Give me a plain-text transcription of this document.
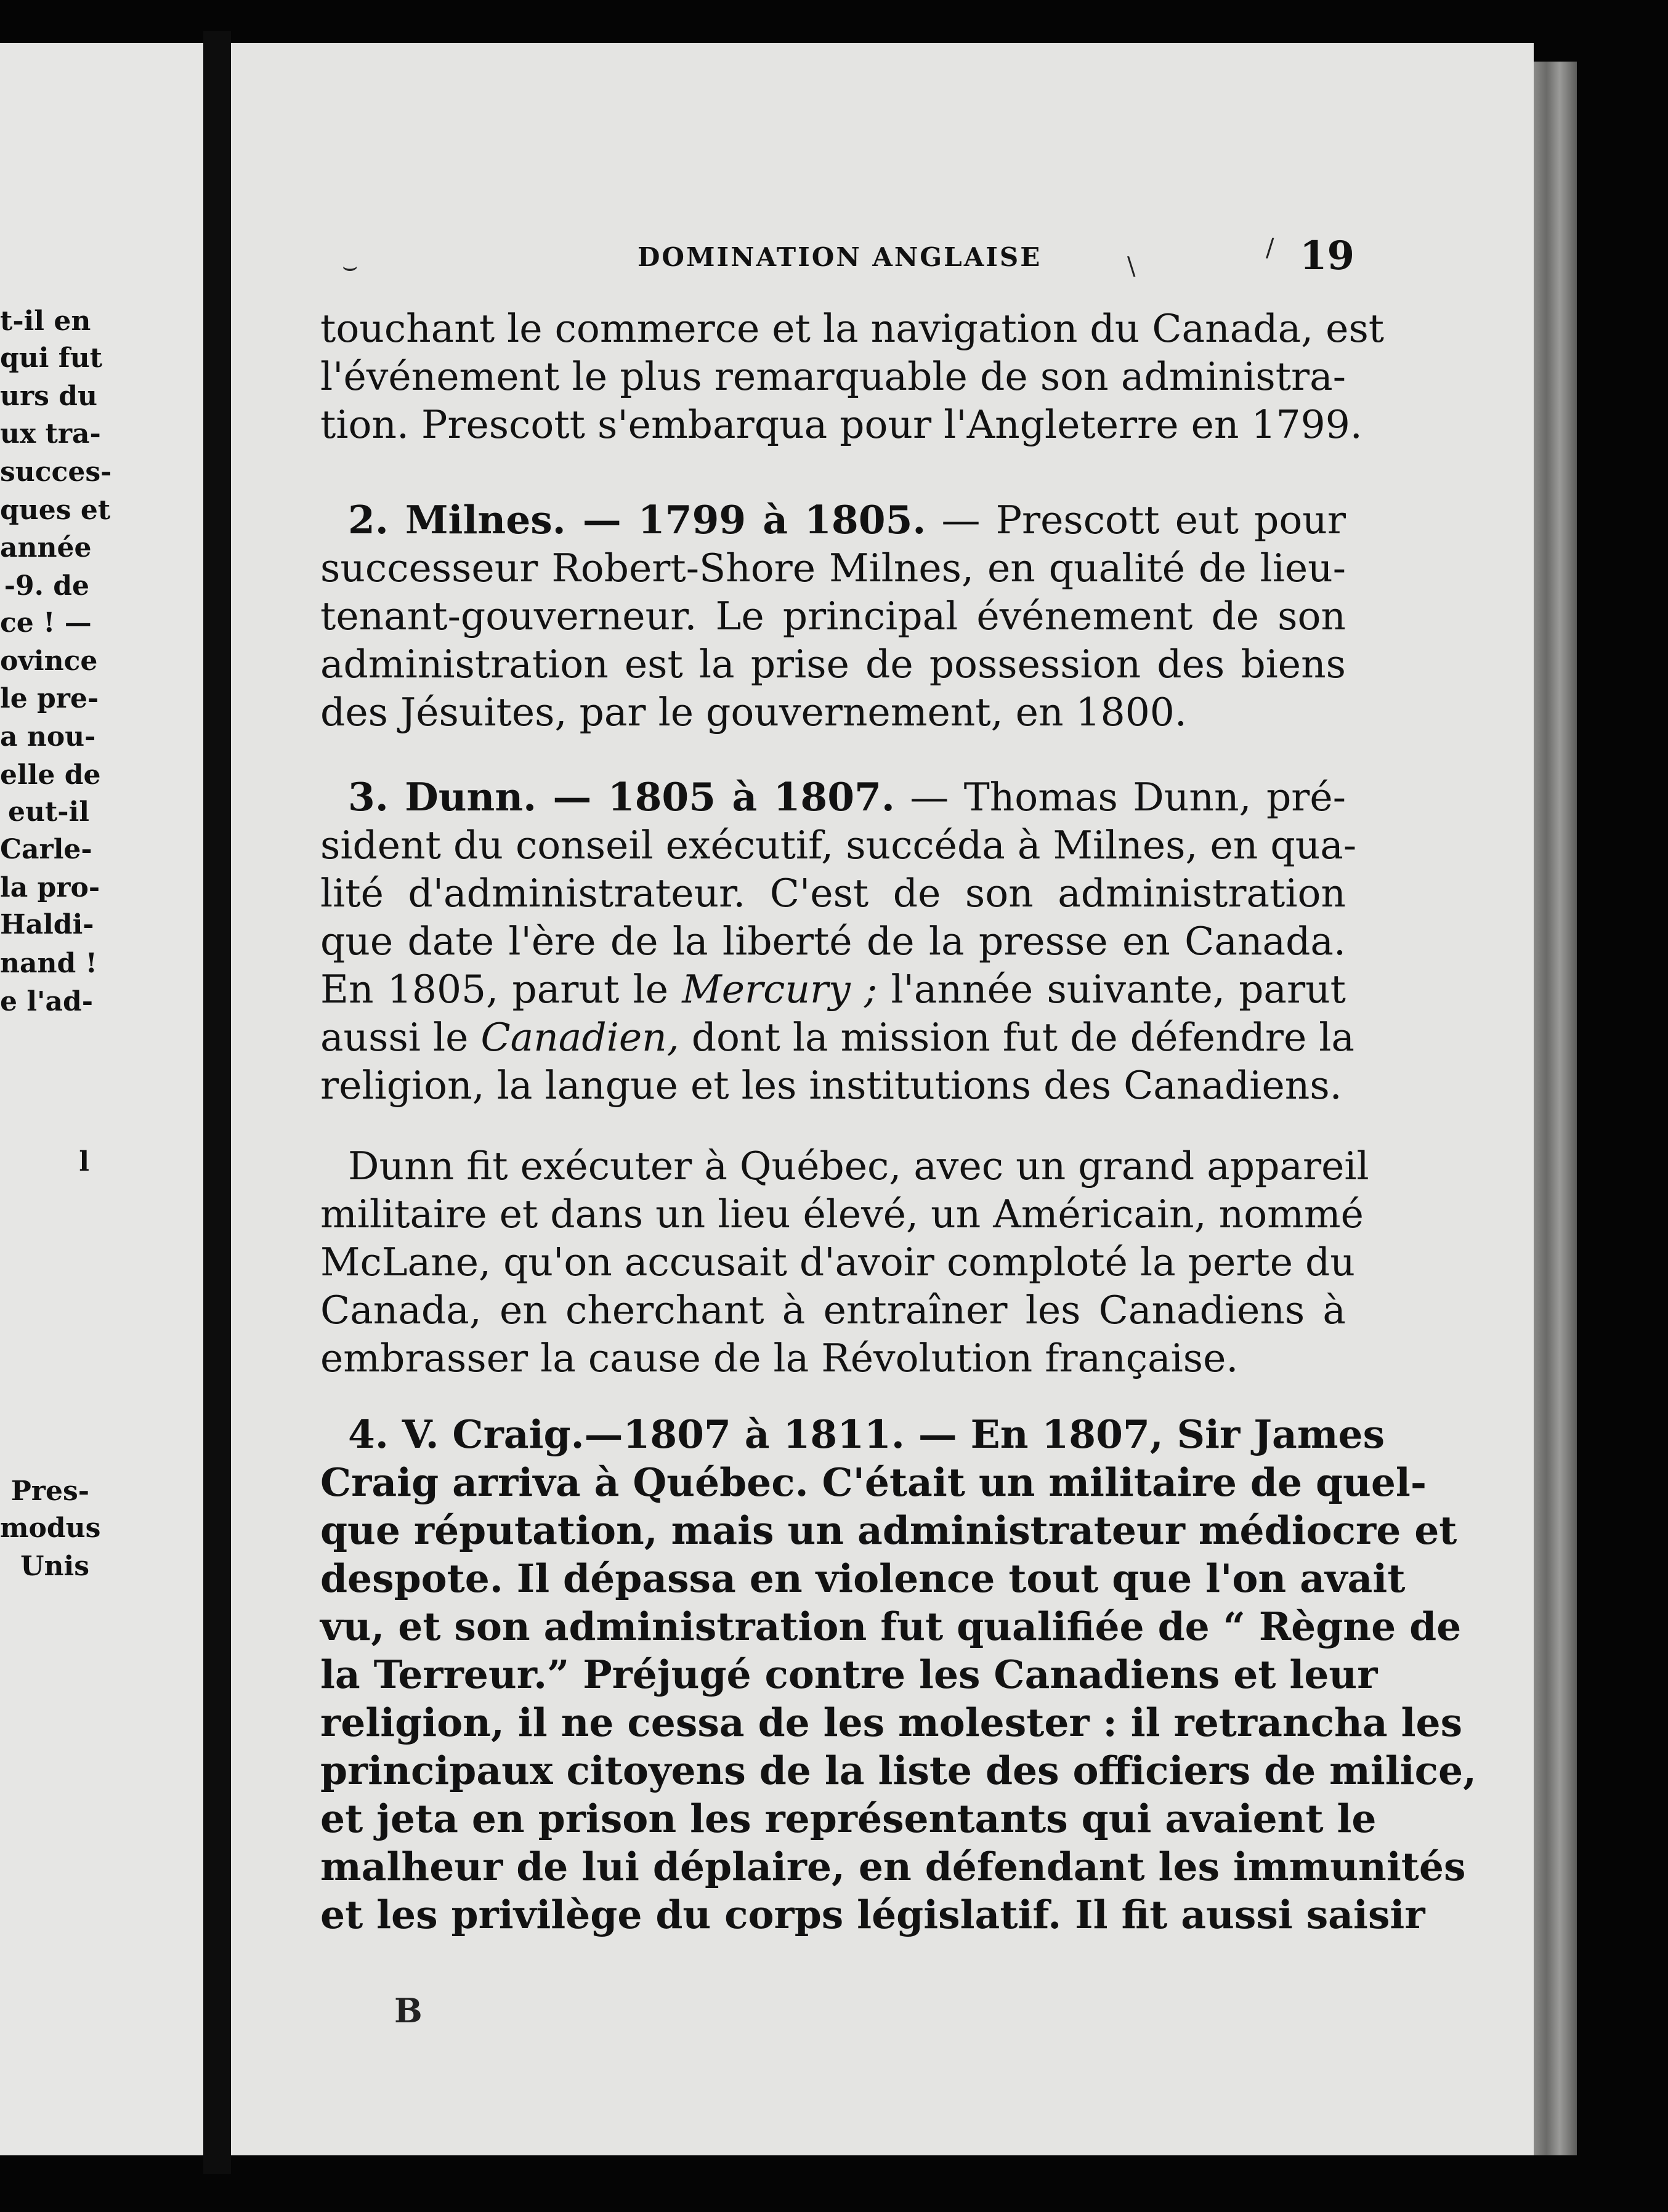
t-il en
qui fut
urs du
ux tra-
succes-
ques et
année
-9. de
ce ! —
ovince
le pre-
a nou-
elle de
eut-il
Carle-
la pro-
Haldi-
nand !
e l'ad-
l
Pres-
modus
Unis
⌣	DOMINATION ANGLAISE	\
/ 19
touchant le commerce et la navigation du Canada, est
l'événement le plus remarquable de son administra-
tion. Prescott s'embarqua pour l'Angleterre en 1799.
2. Milnes. — 1799 à 1805. — Prescott eut pour
successeur Robert-Shore Milnes, en qualité de lieu-
tenant-gouverneur. Le principal événement de son
administration est la prise de possession des biens
des Jésuites, par le gouvernement, en 1800.
3. Dunn. — 1805 à 1807. — Thomas Dunn, pré-
sident du conseil exécutif, succéda à Milnes, en qua-
lité d'administrateur. C'est de son administration
que date l'ère de la liberté de la presse en Canada.
En 1805, parut le Mercury ; l'année suivante, parut
aussi le Canadien, dont la mission fut de défendre la
religion, la langue et les institutions des Canadiens.
Dunn fit exécuter à Québec, avec un grand appareil
militaire et dans un lieu élevé, un Américain, nommé
McLane, qu'on accusait d'avoir comploté la perte du
Canada, en cherchant à entraîner les Canadiens à
embrasser la cause de la Révolution française.
4. V. Craig.—1807 à 1811. — En 1807, Sir James
Craig arriva à Québec. C'était un militaire de quel-
que réputation, mais un administrateur médiocre et
despote. Il dépassa en violence tout que l'on avait
vu, et son administration fut qualifiée de “ Règne de
la Terreur.” Préjugé contre les Canadiens et leur
religion, il ne cessa de les molester : il retrancha les
principaux citoyens de la liste des officiers de milice,
et jeta en prison les représentants qui avaient le
malheur de lui déplaire, en défendant les immunités
et les privilège du corps législatif. Il fit aussi saisir
B
